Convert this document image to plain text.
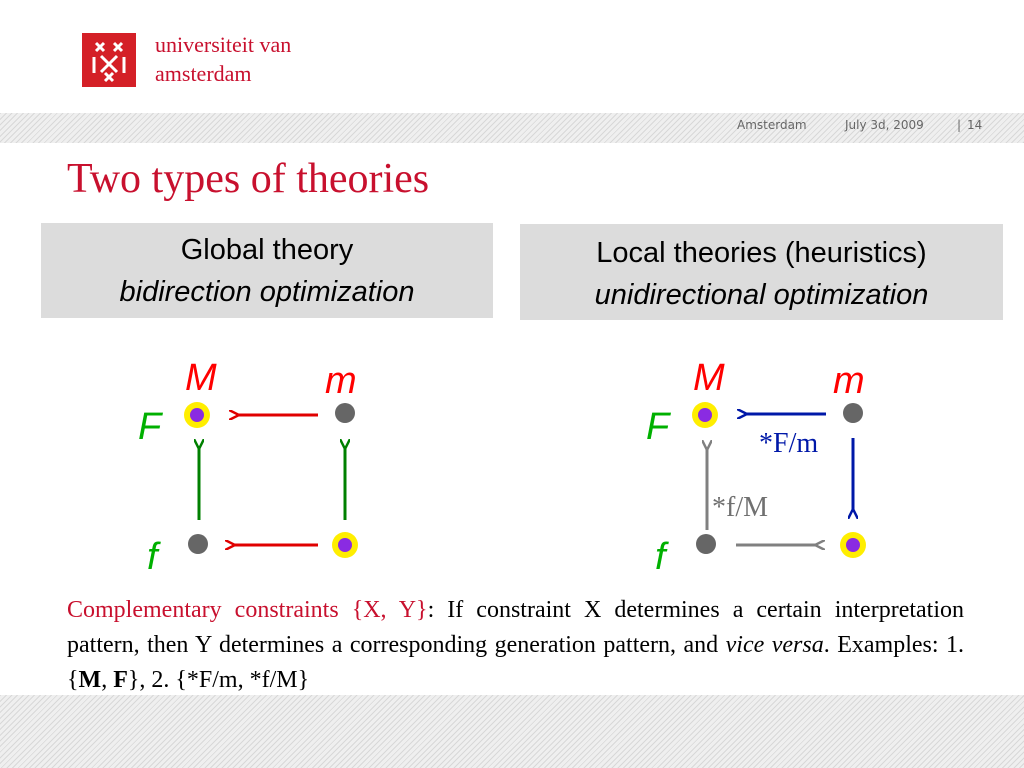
universiteit van
amsterdam
Amsterdam	July 3d, 2009	| 14
Two types of theories
Global theory
bidirection optimization
Local theories (heuristics)
unidirectional optimization
M	m
F
f
M	m
F
f
*F/m
*f/M

Complementary constraints {X, Y}: If constraint X determines a certain interpretation pattern, then Y determines a corresponding generation pattern, and vice versa. Examples: 1. {M, F}, 2. {*F/m, *f/M}
